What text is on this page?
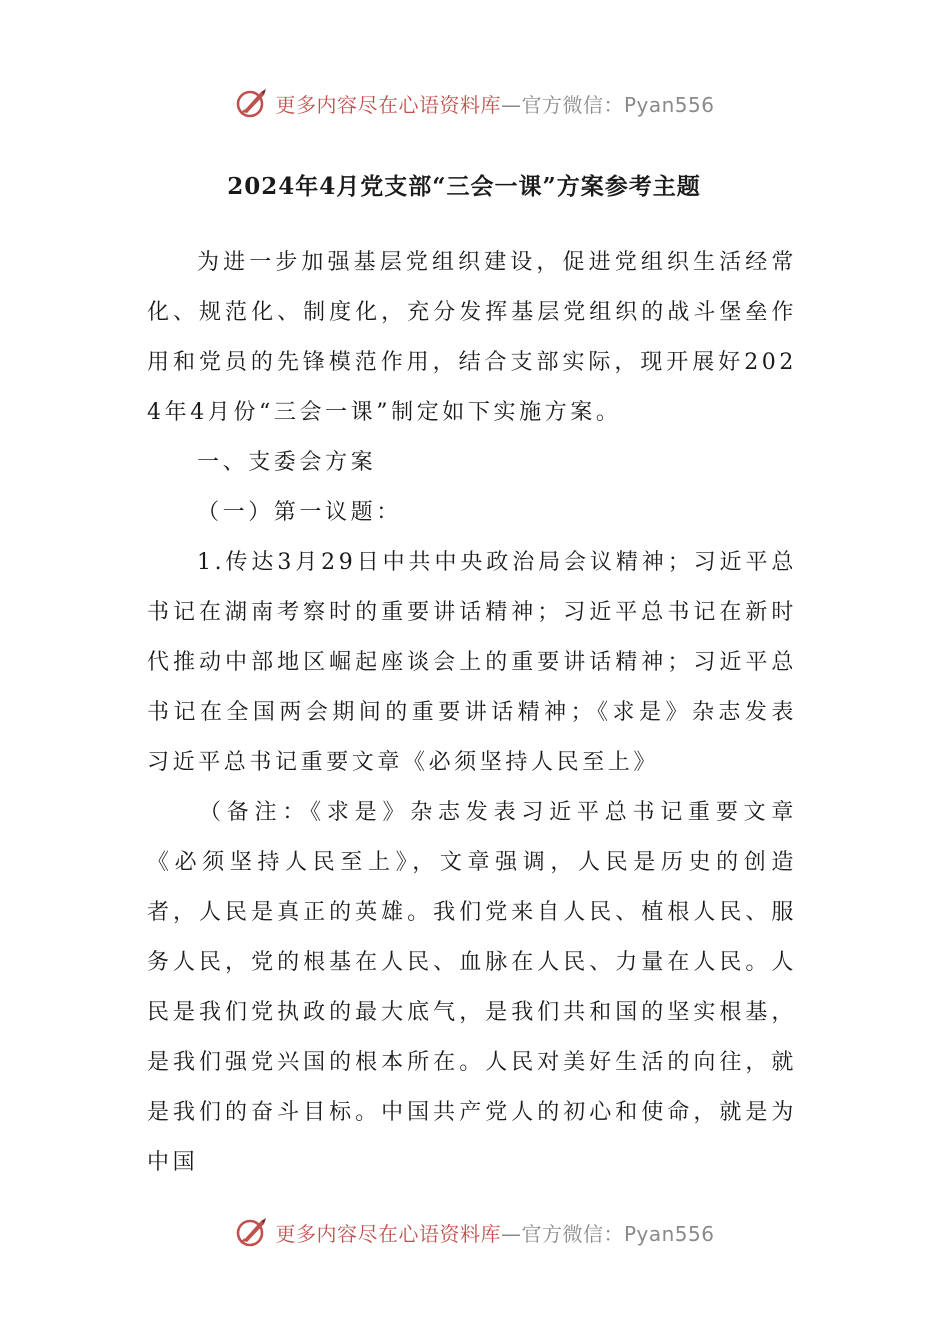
更多内容尽在心语资料库—官方微信：Pyan556
2024年4月党支部“三会一课”方案参考主题

为进一步加强基层党组织建设，促进党组织生活经常化、规范化、制度化，充分发挥基层党组织的战斗堡垒作用和党员的先锋模范作用，结合支部实际，现开展好2024年4月份“三会一课”制定如下实施方案。

一、支委会方案

（一）第一议题：

1.传达3月29日中共中央政治局会议精神；习近平总书记在湖南考察时的重要讲话精神；习近平总书记在新时代推动中部地区崛起座谈会上的重要讲话精神；习近平总书记在全国两会期间的重要讲话精神；《求是》杂志发表习近平总书记重要文章《必须坚持人民至上》

（备注：《求是》杂志发表习近平总书记重要文章《必须坚持人民至上》，文章强调，人民是历史的创造者，人民是真正的英雄。我们党来自人民、植根人民、服务人民，党的根基在人民、血脉在人民、力量在人民。人民是我们党执政的最大底气，是我们共和国的坚实根基，是我们强党兴国的根本所在。人民对美好生活的向往，就是我们的奋斗目标。中国共产党人的初心和使命，就是为中国

更多内容尽在心语资料库—官方微信：Pyan556
